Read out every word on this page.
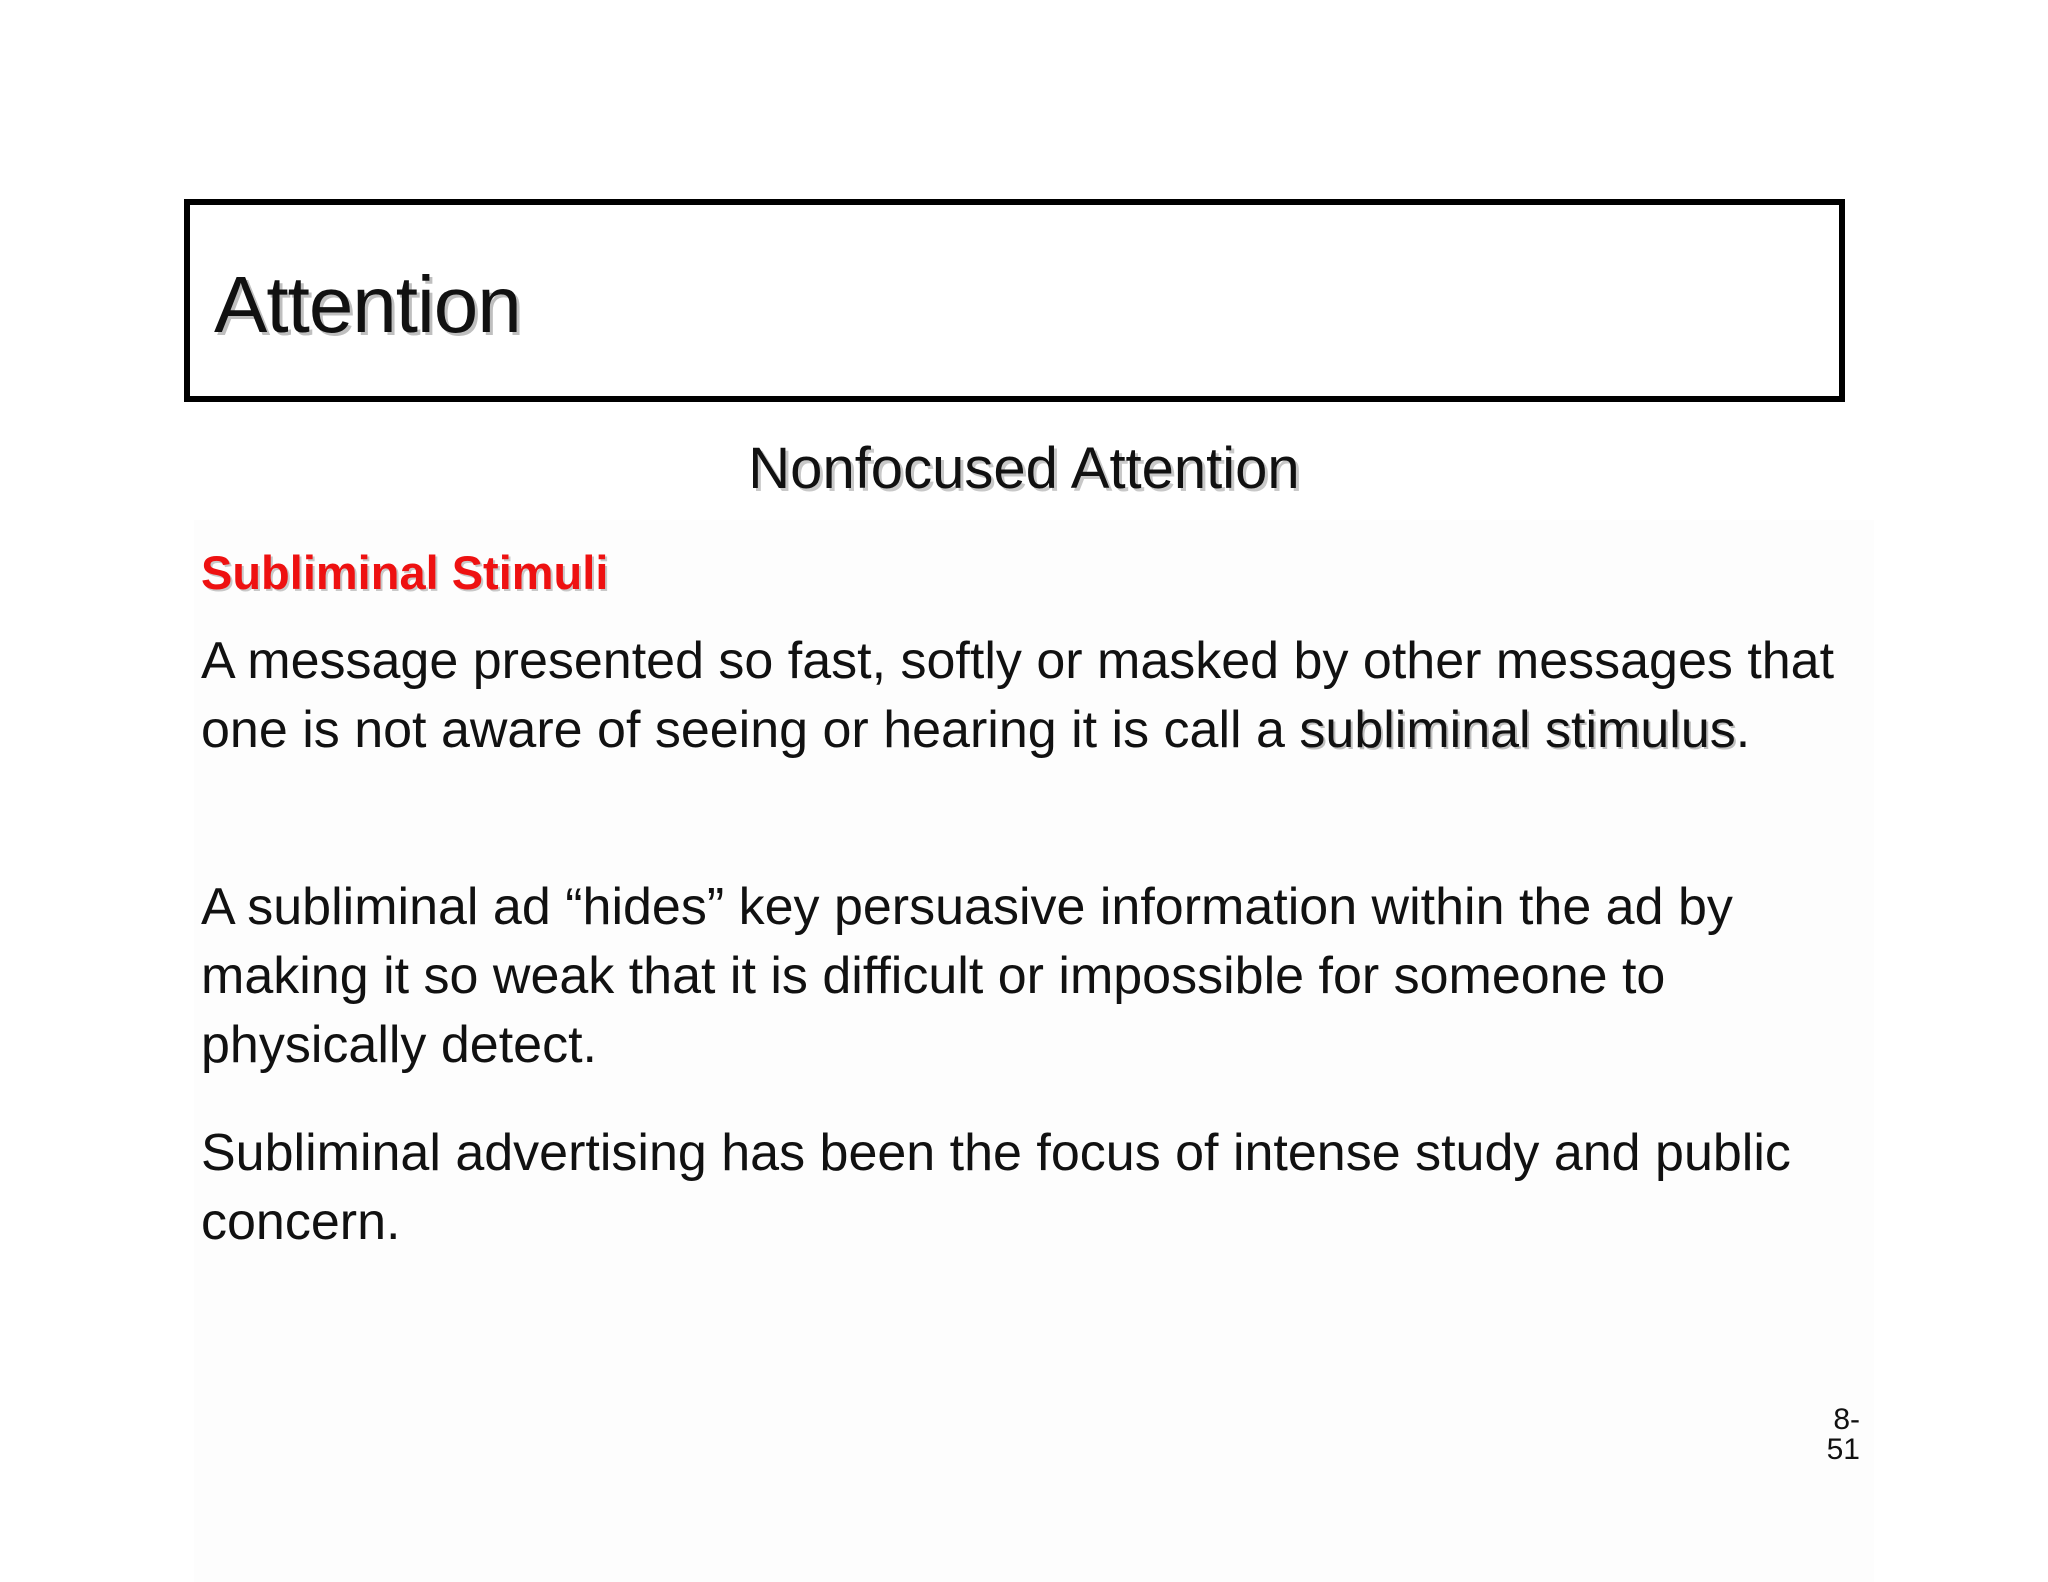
Attention
Nonfocused Attention
Subliminal Stimuli

A message presented so fast, softly or masked by other messages that one is not aware of seeing or hearing it is call a subliminal stimulus.

A subliminal ad “hides” key persuasive information within the ad by making it so weak that it is difficult or impossible for someone to physically detect.

Subliminal advertising has been the focus of intense study and public concern.

8-51
